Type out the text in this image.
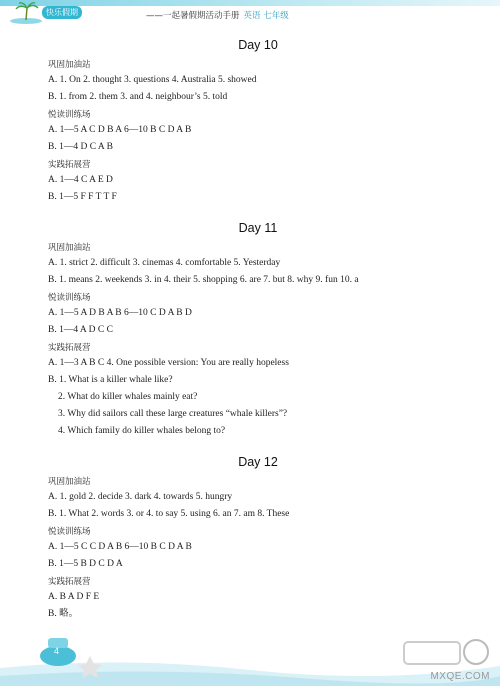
快乐假期	——一起暑假期活动手册 英语 七年级
Day 10
巩固加油站
A. 1. On 2. thought 3. questions 4. Australia 5. showed
B. 1. from 2. them 3. and 4. neighbour’s 5. told
悦读训练场
A. 1—5 A C D B A 6—10 B C D A B
B. 1—4 D C A B
实践拓展营
A. 1—4 C A E D
B. 1—5 F F T T F
Day 11
巩固加油站
A. 1. strict 2. difficult 3. cinemas 4. comfortable 5. Yesterday
B. 1. means 2. weekends 3. in 4. their 5. shopping 6. are 7. but 8. why 9. fun 10. a
悦读训练场
A. 1—5 A D B A B 6—10 C D A B D
B. 1—4 A D C C
实践拓展营
A. 1—3 A B C 4. One possible version: You are really hopeless
B. 1. What is a killer whale like?
2. What do killer whales mainly eat?
3. Why did sailors call these large creatures “whale killers”?
4. Which family do killer whales belong to?
Day 12
巩固加油站
A. 1. gold 2. decide 3. dark 4. towards 5. hungry
B. 1. What 2. words 3. or 4. to say 5. using 6. an 7. am 8. These
悦读训练场
A. 1—5 C C D A B 6—10 B C D A B
B. 1—5 B D C D A
实践拓展营
A. B A D F E
B. 略。
4
MXQE.COM
